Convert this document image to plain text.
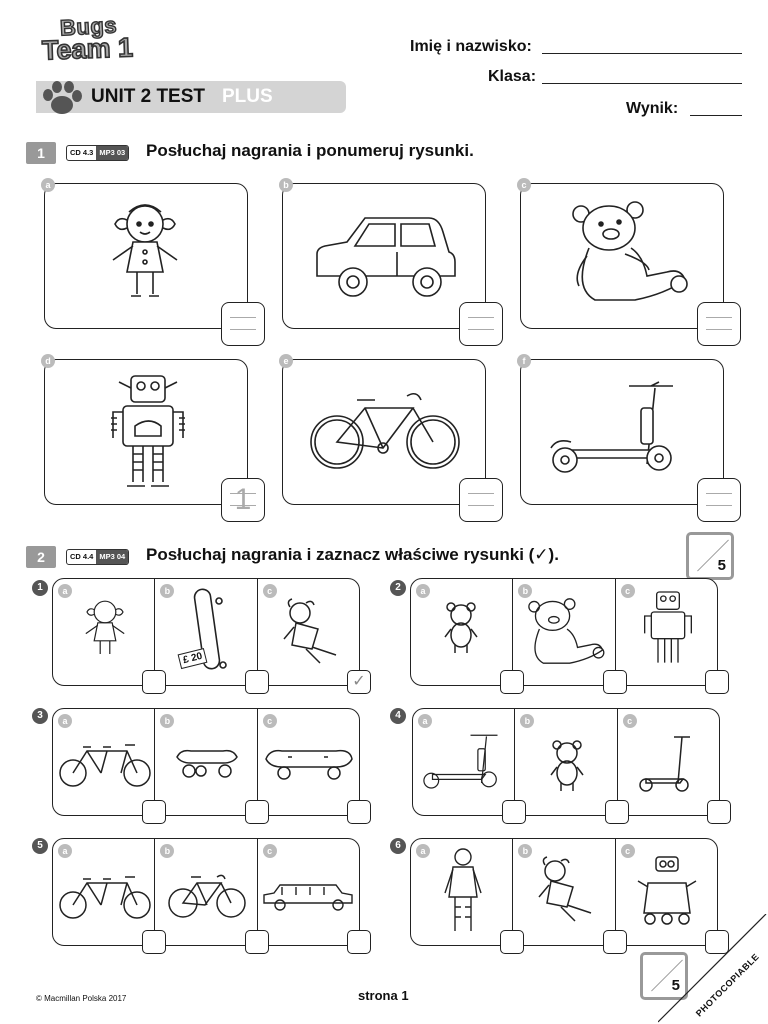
Bugs
Team 1	Imię i nazwisko:
Klasa:
Wynik:
UNIT 2 TEST PLUS
1	CD 4.3 MP3 03 Posłuchaj nagrania i ponumeruj rysunki.
a	b	c
d
1
e	f
5
2	CD 4.4 MP3 04 Posłuchaj nagrania i zaznacz właściwe rysunki (✓).
1	a	b
£ 20
c
✓
2	a	b	c
3	a	b	c	4	a	b	c
5	a	b	c	6	a	b	c
5
© Macmillan Polska 2017	strona 1	PHOTOCOPIABLE
